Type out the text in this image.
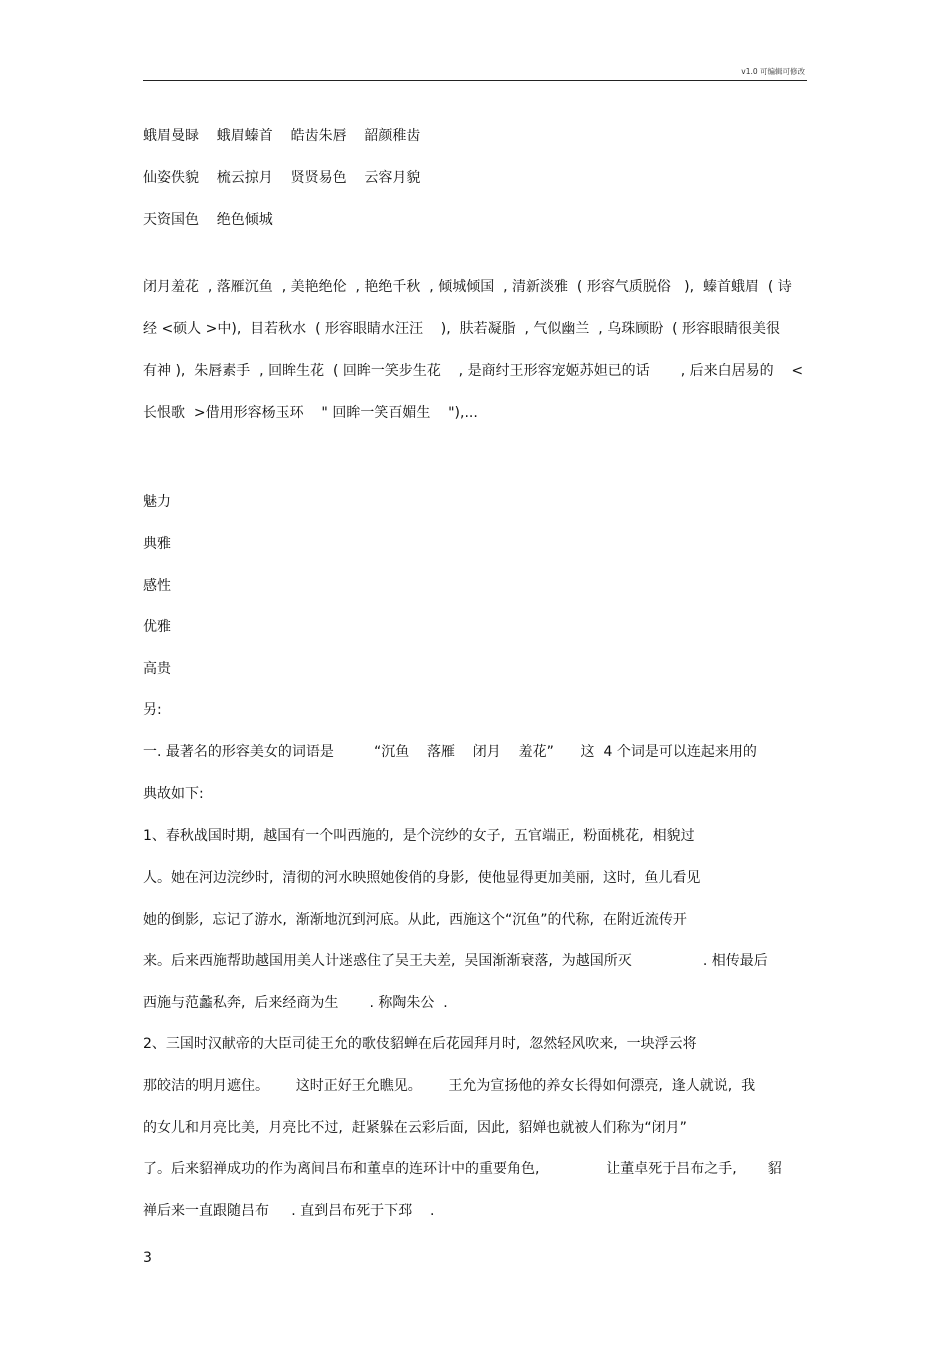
v1.0 可编辑可修改
蛾眉曼睩    蛾眉螓首    皓齿朱唇    韶颜稚齿
仙姿佚貌    梳云掠月    贤贤易色    云容月貌
天资国色    绝色倾城
闭月羞花  , 落雁沉鱼  , 美艳绝伦  , 艳绝千秋  , 倾城倾国  , 清新淡雅  ( 形容气质脱俗   ),  螓首蛾眉  ( 诗
经 <硕人 >中),  目若秋水  ( 形容眼睛水汪汪    ),  肤若凝脂  , 气似幽兰  , 乌珠顾盼  ( 形容眼睛很美很
有神 ),  朱唇素手  , 回眸生花  ( 回眸一笑步生花    , 是商纣王形容宠姬苏妲已的话       , 后来白居易的    <
长恨歌  >借用形容杨玉环    " 回眸一笑百媚生    "),...
魅力
典雅
感性
优雅
高贵
另:
一. 最著名的形容美女的词语是         “沉鱼    落雁    闭月    羞花”      这  4 个词是可以连起来用的
典故如下:
1、春秋战国时期,  越国有一个叫西施的,  是个浣纱的女子,  五官端正,  粉面桃花,  相貌过
人。她在河边浣纱时,  清彻的河水映照她俊俏的身影,  使他显得更加美丽,  这时,  鱼儿看见
她的倒影,  忘记了游水,  渐渐地沉到河底。从此,  西施这个“沉鱼”的代称,  在附近流传开
来。后来西施帮助越国用美人计迷惑住了吴王夫差,  吴国渐渐衰落,  为越国所灭                . 相传最后
西施与范蠡私奔,  后来经商为生       . 称陶朱公  .
2、三国时汉献帝的大臣司徒王允的歌伎貂蝉在后花园拜月时,  忽然轻风吹来,  一块浮云将
那皎洁的明月遮住。      这时正好王允瞧见。      王允为宣扬他的养女长得如何漂亮,  逢人就说,  我
的女儿和月亮比美,  月亮比不过,  赶紧躲在云彩后面,  因此,  貂婵也就被人们称为“闭月”
了。后来貂禅成功的作为离间吕布和董卓的连环计中的重要角色,               让董卓死于吕布之手,       貂
禅后来一直跟随吕布     . 直到吕布死于下邳    .
3
